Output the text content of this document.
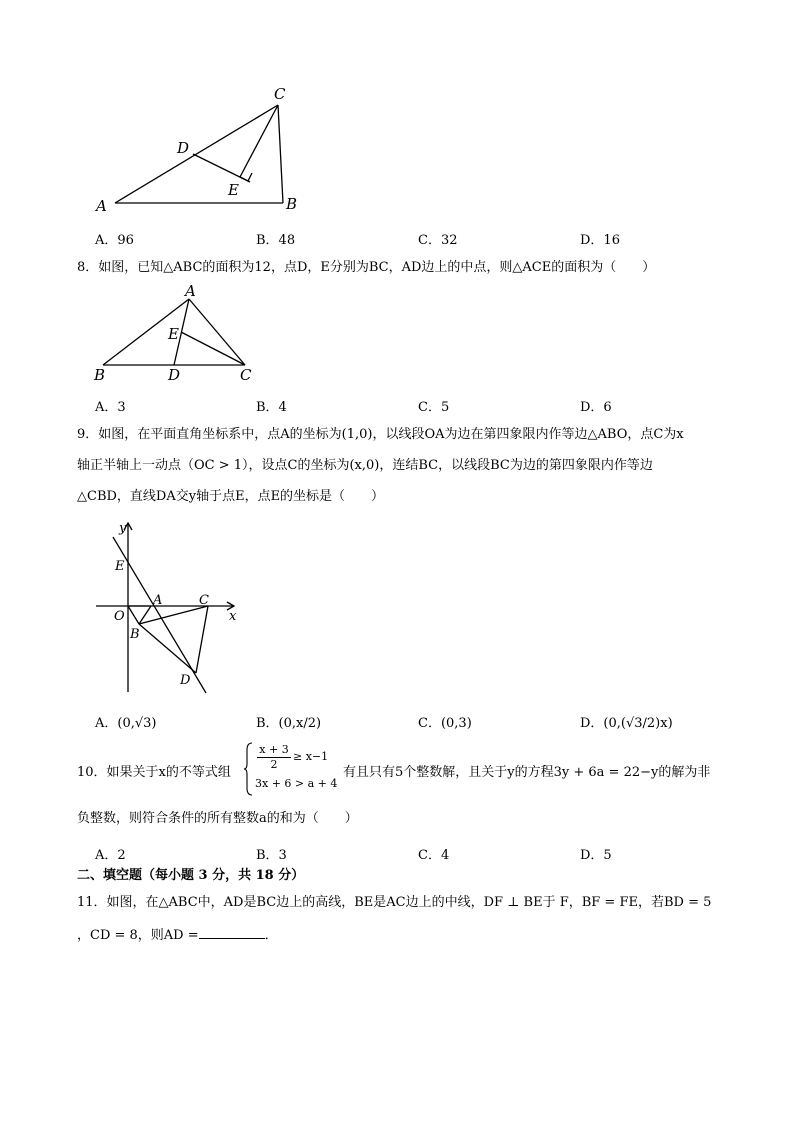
A	B
C
D
E
A．96	B．48	C．32	D．16
8．如图，已知△ABC的面积为12，点D，E分别为BC，AD边上的中点，则△ACE的面积为（　　）
A
B	C
D
E
A．3	B．4	C．5	D．6
9．如图，在平面直角坐标系中，点A的坐标为(1,0)，以线段OA为边在第四象限内作等边△ABO，点C为x
轴正半轴上一动点（OC > 1），设点C的坐标为(x,0)，连结BC，以线段BC为边的第四象限内作等边
△CBD，直线DA交y轴于点E，点E的坐标是（　　）
y
x
E
O
A	C
B
D
A．(0,√3)	B．(0,x/2)	C．(0,3)	D．(0,(√3/2)x)
10．如果关于x的不等式组
x + 3
2
≥ x−1
3x + 6 > a + 4
有且只有5个整数解，且关于y的方程3y + 6a = 22−y的解为非
负整数，则符合条件的所有整数a的和为（　　）
A．2	B．3	C．4	D．5
二、填空题（每小题 3 分，共 18 分）
11．如图，在△ABC中，AD是BC边上的高线，BE是AC边上的中线，DF ⊥ BE于 F，BF = FE，若BD = 5
，CD = 8，则AD =	．
